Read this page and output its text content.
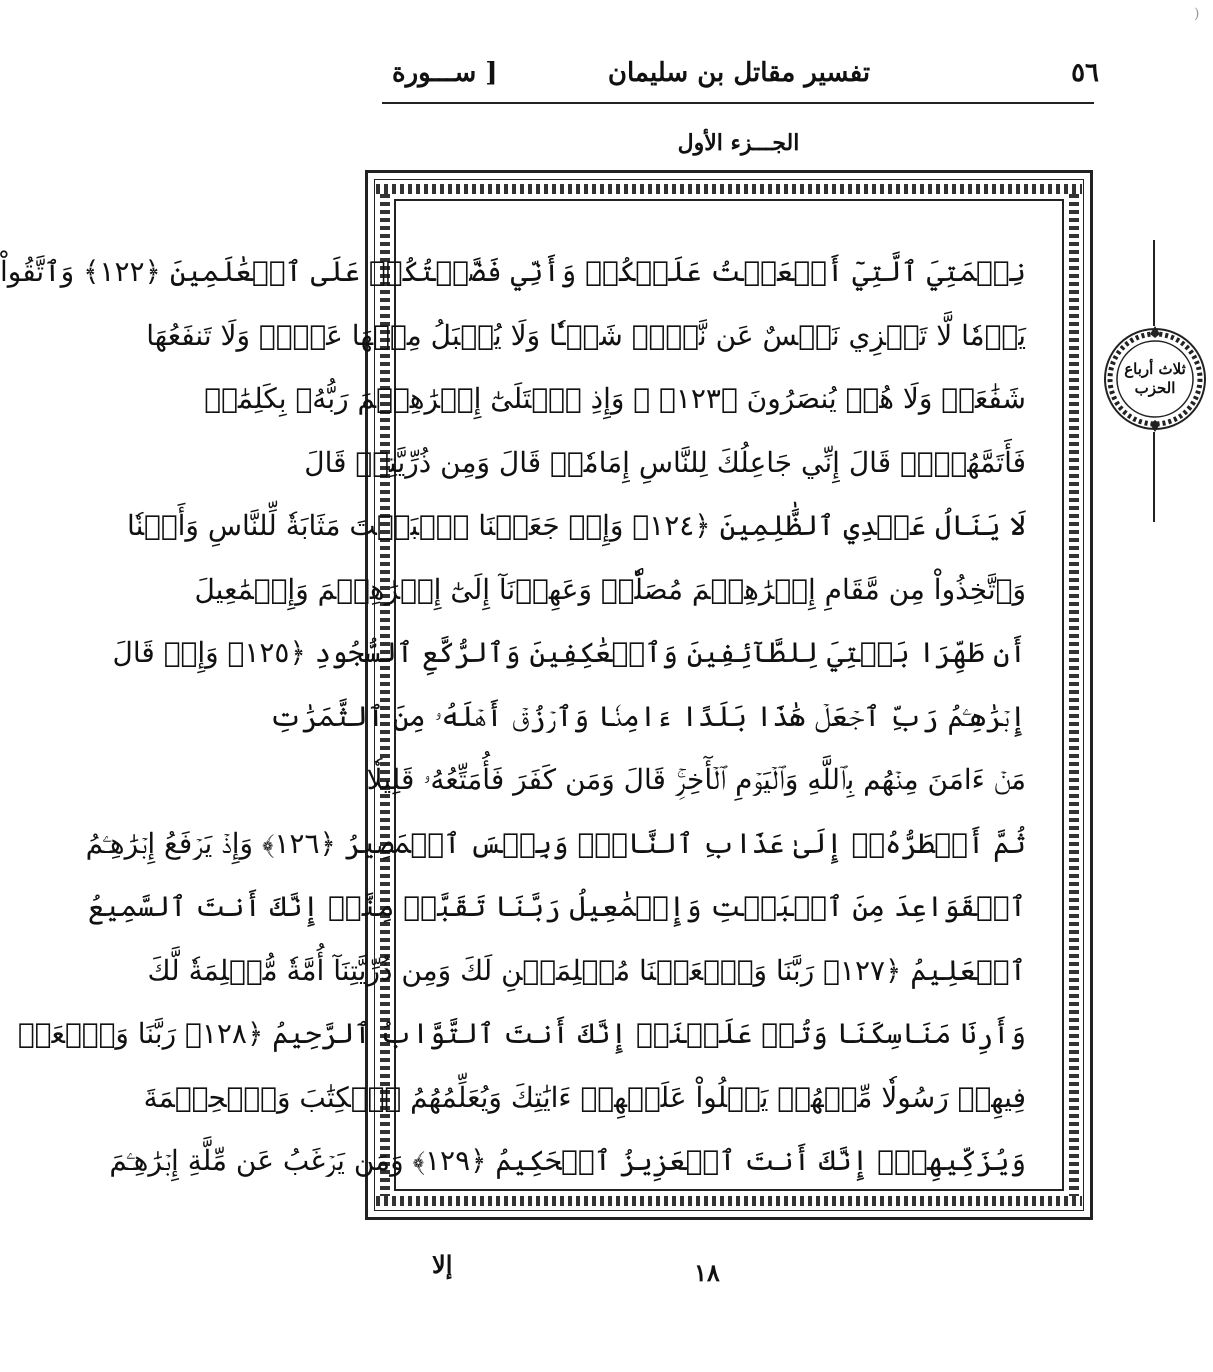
(
٥٦
تفسير مقاتل بن سليمان
[ ســـورة
الجـــزء الأول
نِعۡمَتِيَ ٱلَّتِيٓ أَنۡعَمۡتُ عَلَيۡكُمۡ وَأَنِّي فَضَّلۡتُكُمۡ عَلَى ٱلۡعَٰلَمِينَ ﴿١٢٢﴾ وَٱتَّقُواْ
يَوۡمٗا لَّا تَجۡزِي نَفۡسٌ عَن نَّفۡسٖ شَيۡـٔٗا وَلَا يُقۡبَلُ مِنۡهَا عَدۡلٞ وَلَا تَنفَعُهَا
شَفَٰعَةٞ وَلَا هُمۡ يُنصَرُونَ ﴿١٢٣﴾ ۞ وَإِذِ ٱبۡتَلَىٰٓ إِبۡرَٰهِـۧمَ رَبُّهُۥ بِكَلِمَٰتٖ
فَأَتَمَّهُنَّۖ قَالَ إِنِّي جَاعِلُكَ لِلنَّاسِ إِمَامٗاۖ قَالَ وَمِن ذُرِّيَّتِيۖ قَالَ
لَا يَنَالُ عَهۡدِي ٱلظَّٰلِمِينَ ﴿١٢٤﴾ وَإِذۡ جَعَلۡنَا ٱلۡبَيۡتَ مَثَابَةٗ لِّلنَّاسِ وَأَمۡنٗا
وَٱتَّخِذُواْ مِن مَّقَامِ إِبۡرَٰهِـۧمَ مُصَلّٗىۖ وَعَهِدۡنَآ إِلَىٰٓ إِبۡرَٰهِـۧمَ وَإِسۡمَٰعِيلَ
أَن طَهِّرَا بَيۡتِيَ لِلطَّآئِفِينَ وَٱلۡعَٰكِفِينَ وَٱلرُّكَّعِ ٱلسُّجُودِ ﴿١٢٥﴾ وَإِذۡ قَالَ
إِبۡرَٰهِـۧمُ رَبِّ ٱجۡعَلۡ هَٰذَا بَلَدًا ءَامِنٗا وَٱرۡزُقۡ أَهۡلَهُۥ مِنَ ٱلثَّمَرَٰتِ
مَنۡ ءَامَنَ مِنۡهُم بِٱللَّهِ وَٱلۡيَوۡمِ ٱلۡأٓخِرِۚ قَالَ وَمَن كَفَرَ فَأُمَتِّعُهُۥ قَلِيلٗا
ثُمَّ أَضۡطَرُّهُۥٓ إِلَىٰ عَذَابِ ٱلنَّارِۖ وَبِئۡسَ ٱلۡمَصِيرُ ﴿١٢٦﴾ وَإِذۡ يَرۡفَعُ إِبۡرَٰهِـۧمُ
ٱلۡقَوَاعِدَ مِنَ ٱلۡبَيۡتِ وَإِسۡمَٰعِيلُ رَبَّنَا تَقَبَّلۡ مِنَّآۖ إِنَّكَ أَنتَ ٱلسَّمِيعُ
ٱلۡعَلِيمُ ﴿١٢٧﴾ رَبَّنَا وَٱجۡعَلۡنَا مُسۡلِمَيۡنِ لَكَ وَمِن ذُرِّيَّتِنَآ أُمَّةٗ مُّسۡلِمَةٗ لَّكَ
وَأَرِنَا مَنَاسِكَنَا وَتُبۡ عَلَيۡنَآۖ إِنَّكَ أَنتَ ٱلتَّوَّابُ ٱلرَّحِيمُ ﴿١٢٨﴾ رَبَّنَا وَٱبۡعَثۡ
فِيهِمۡ رَسُولٗا مِّنۡهُمۡ يَتۡلُواْ عَلَيۡهِمۡ ءَايَٰتِكَ وَيُعَلِّمُهُمُ ٱلۡكِتَٰبَ وَٱلۡحِكۡمَةَ
وَيُزَكِّيهِمۡۖ إِنَّكَ أَنتَ ٱلۡعَزِيزُ ٱلۡحَكِيمُ ﴿١٢٩﴾ وَمَن يَرۡغَبُ عَن مِّلَّةِ إِبۡرَٰهِـۧمَ
ثلاث أرباع الحزب
إلا	١٨
